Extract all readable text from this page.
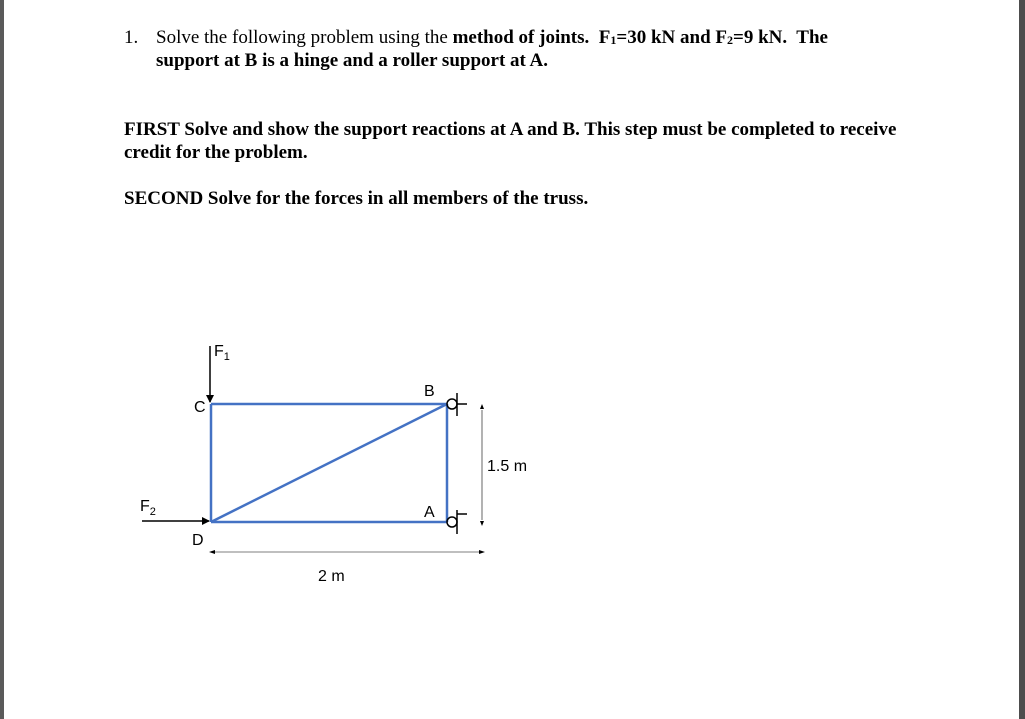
1. Solve the following problem using the method of joints. $F_1=30$ kN and $F_2=9$ kN. The
support at B is a hinge and a roller support at A.
FIRST Solve and show the support reactions at A and B. This step must be completed to receive credit for the problem.
SECOND Solve for the forces in all members of the truss.
$F_1$
$F_2$
B
C
A
D
1.5 m
2 m
